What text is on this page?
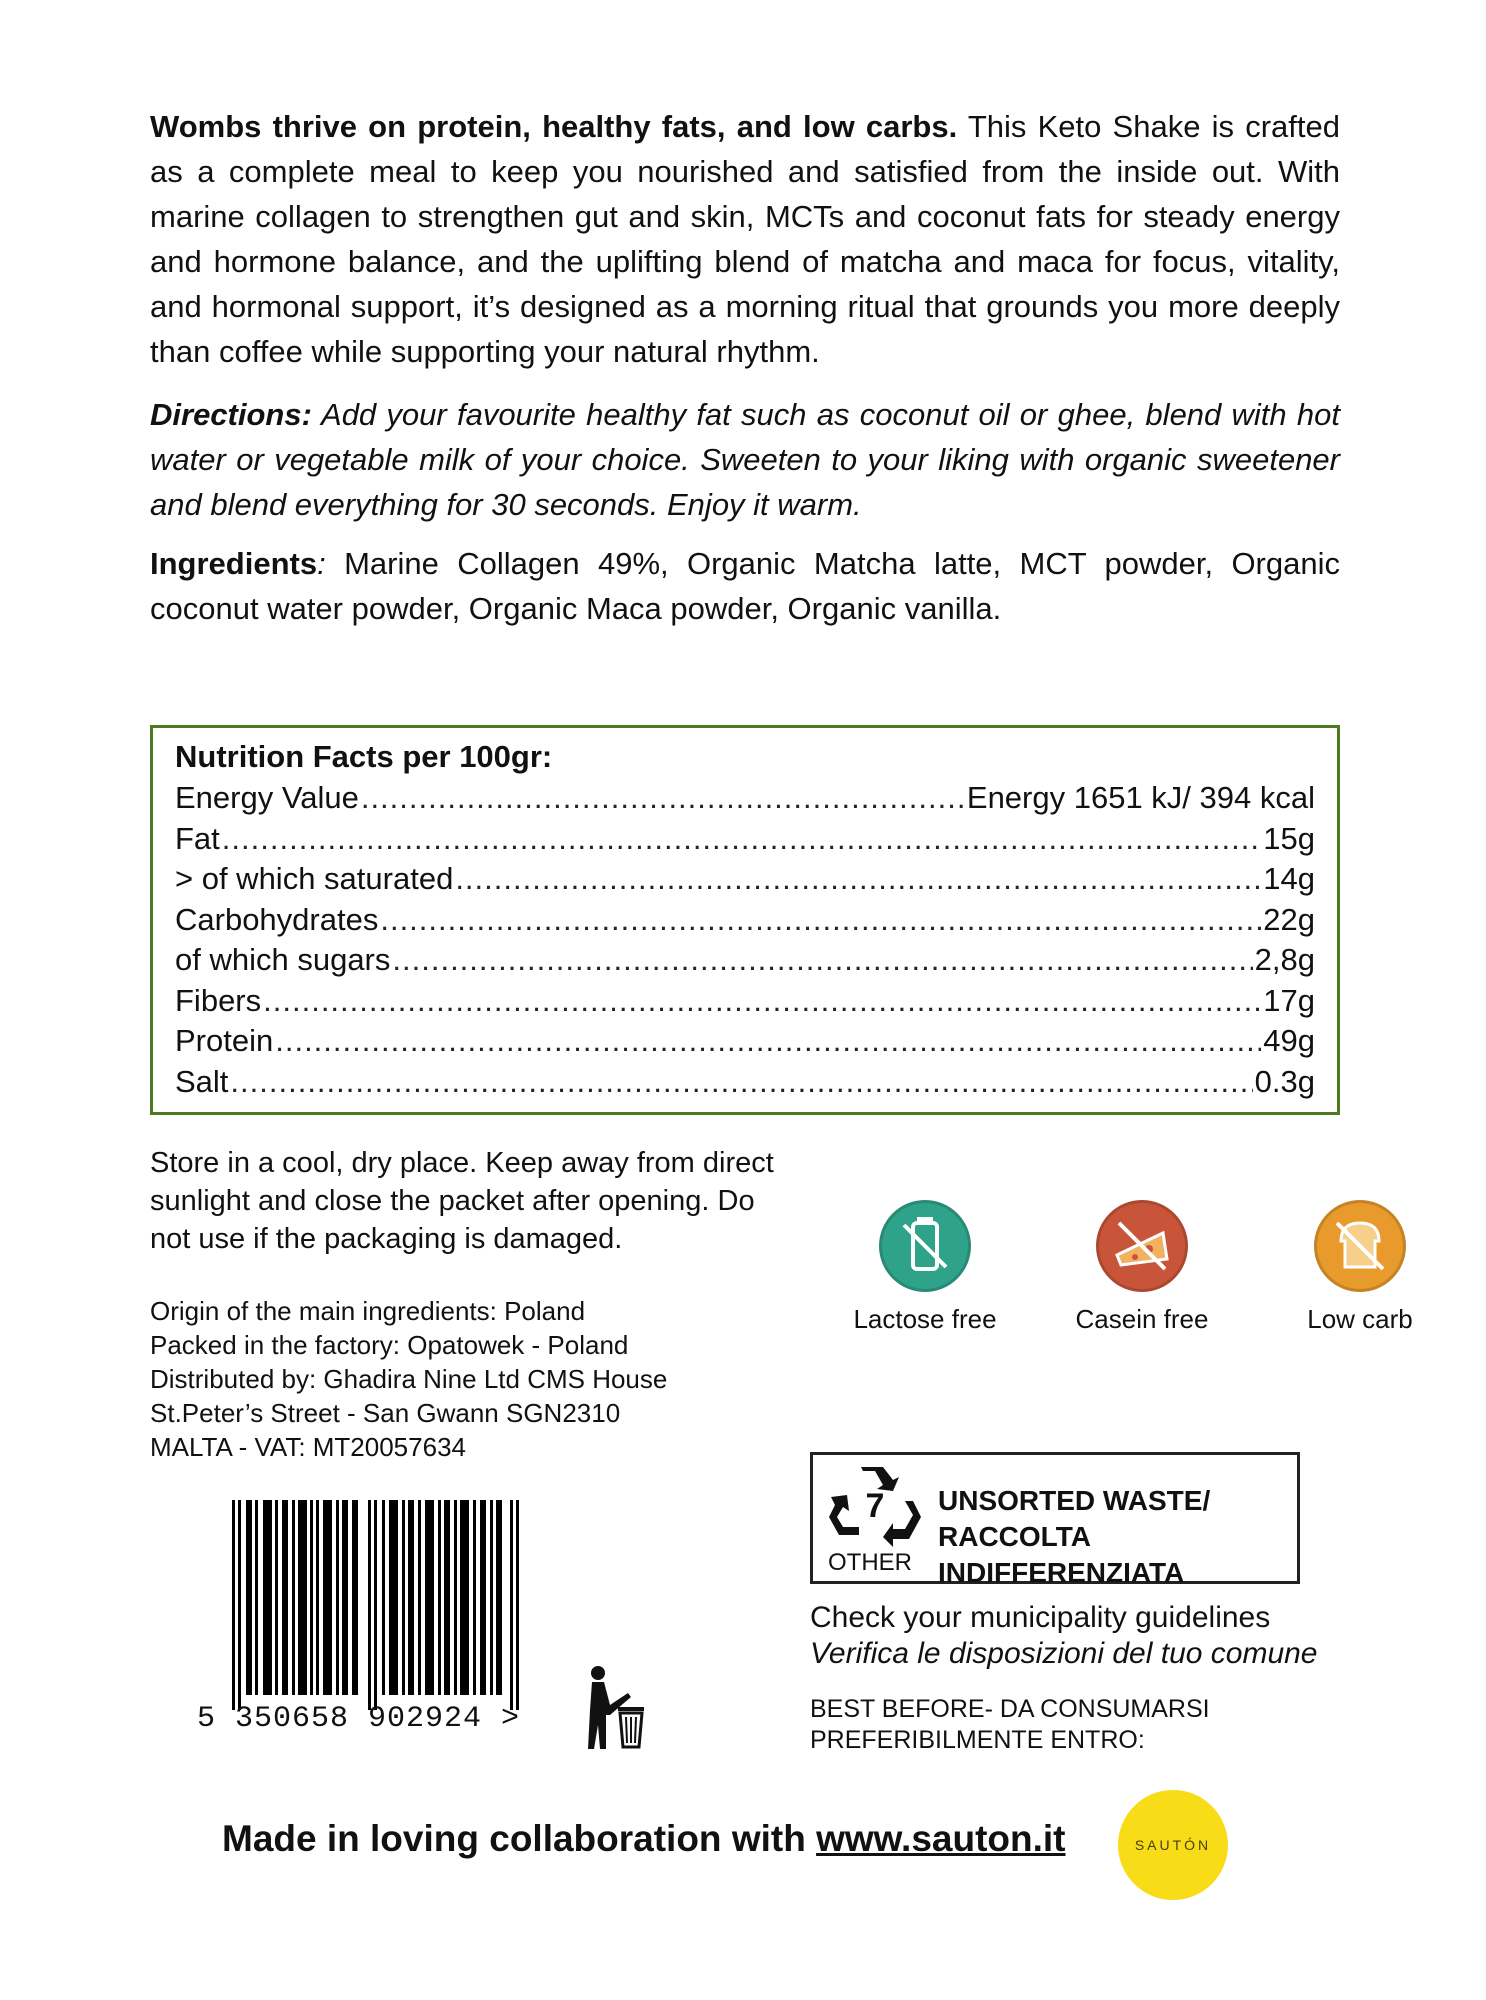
Wombs thrive on protein, healthy fats, and low carbs. This Keto Shake is crafted as a complete meal to keep you nourished and satisfied from the inside out. With marine collagen to strengthen gut and skin, MCTs and coconut fats for steady energy and hormone balance, and the uplifting blend of matcha and maca for focus, vitality, and hormonal support, it’s designed as a morning ritual that grounds you more deeply than coffee while supporting your natural rhythm.

Directions: Add your favourite healthy fat such as coconut oil or ghee, blend with hot water or vegetable milk of your choice. Sweeten to your liking with organic sweetener and blend everything for 30 seconds. Enjoy it warm.

Ingredients: Marine Collagen 49%, Organic Matcha latte, MCT powder, Organic coconut water powder, Organic Maca powder, Organic vanilla.

Nutrition Facts per 100gr:
Energy Value .....	Energy 1651 kJ/ 394 kcal
Fat .....	15g
> of which saturated .....	14g
Carbohydrates .....	22g
of which sugars .....	2,8g
Fibers .....	17g
Protein .....	49g
Salt .....	0.3g

Store in a cool, dry place. Keep away from direct sunlight and close the packet after opening. Do not use if the packaging is damaged.

Origin of the main ingredients: Poland
Packed in the factory: Opatowek - Poland
Distributed by: Ghadira Nine Ltd CMS House
St.Peter’s Street - San Gwann SGN2310
MALTA - VAT: MT20057634
Lactose free	Casein free	Low carb
5 350658 902924 >
7 UNSORTED WASTE/
RACCOLTA INDIFFERENZIATA
OTHER
Check your municipality guidelines
Verifica le disposizioni del tuo comune
BEST BEFORE- DA CONSUMARSI
PREFERIBILMENTE ENTRO:
Made in loving collaboration with www.sauton.it	SAUTÓN
